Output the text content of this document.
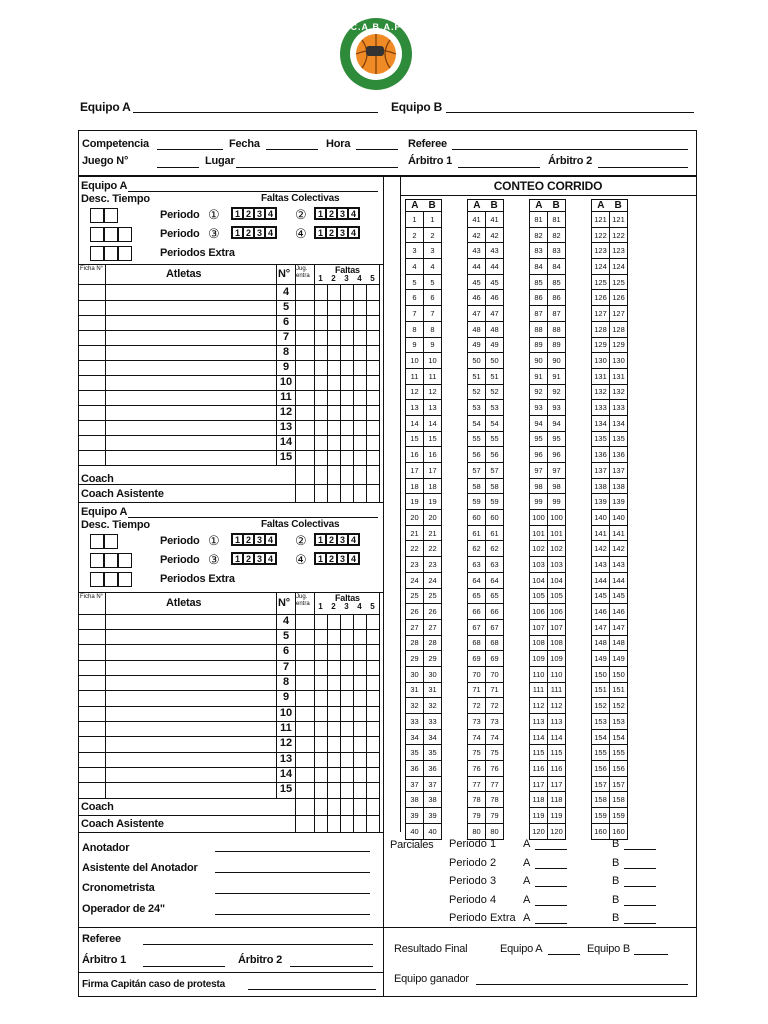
C.A.B.A.P
2022
Equipo A	Equipo B
Competencia	Fecha	Hora	Referee
Juego N°	Lugar	Árbitro 1	Árbitro 2
Equipo A
Desc. Tiempo	Faltas Colectivas
Periodo ①	1 2 3 4 ②	1 2 3 4
Periodo ③	1 2 3 4 ④	1 2 3 4
Periodos Extra
Ficha N°	Atletas	N° Jug. entra
Faltas
1	2	3	4	5
4
5
6
7
8
9
10
11
12
13
14
15
Coach
Coach Asistente
Equipo A
Desc. Tiempo	Faltas Colectivas
Periodo ①	1 2 3 4 ②	1 2 3 4
Periodo ③	1 2 3 4 ④	1 2 3 4
Periodos Extra
Ficha N°	Atletas	N° Jug. entra
Faltas
1	2	3	4	5
4
5
6
7
8
9
10
11
12
13
14
15
Coach
Coach Asistente
CONTEO CORRIDO
A B			A B			A B			A B	
1	1		41	41		81	81		121	121
2	2		42	42		82	82		122	122
3	3		43	43		83	83		123	123
4	4		44	44		84	84		124	124
5	5		45	45		85	85		125	125
6	6		46	46		86	86		126	126
7	7		47	47		87	87		127	127
8	8		48	48		88	88		128	128
9	9		49	49		89	89		129	129
10	10		50	50		90	90		130	130
11	11		51	51		91	91		131	131
12	12		52	52		92	92		132	132
13	13		53	53		93	93		133	133
14	14		54	54		94	94		134	134
15	15		55	55		95	95		135	135
16	16		56	56		96	96		136	136
17	17		57	57		97	97		137	137
18	18		58	58		98	98		138	138
19	19		59	59		99	99		139	139
20	20		60	60		100	100		140	140
21	21		61	61		101	101		141	141
22	22		62	62		102	102		142	142
23	23		63	63		103	103		143	143
24	24		64	64		104	104		144	144
25	25		65	65		105	105		145	145
26	26		66	66		106	106		146	146
27	27		67	67		107	107		147	147
28	28		68	68		108	108		148	148
29	29		69	69		109	109		149	149
30	30		70	70		110	110		150	150
31	31		71	71		111	111		151	151
32	32		72	72		112	112		152	152
33	33		73	73		113	113		153	153
34	34		74	74		114	114		154	154
35	35		75	75		115	115		155	155
36	36		76	76		116	116		156	156
37	37		77	77		117	117		157	157
38	38		78	78		118	118		158	158
39	39		79	79		119	119		159	159
40	40		80	80		120	120		160	160
Anotador
Asistente del Anotador
Cronometrista
Operador de 24"
Parciales Periodo 1 A	B
Periodo 2 A	B
Periodo 3 A	B
Periodo 4 A	B
Periodo Extra A	B
Referee
Árbitro 1	Árbitro 2
Firma Capitán caso de protesta
Resultado Final	Equipo A	Equipo B
Equipo ganador
